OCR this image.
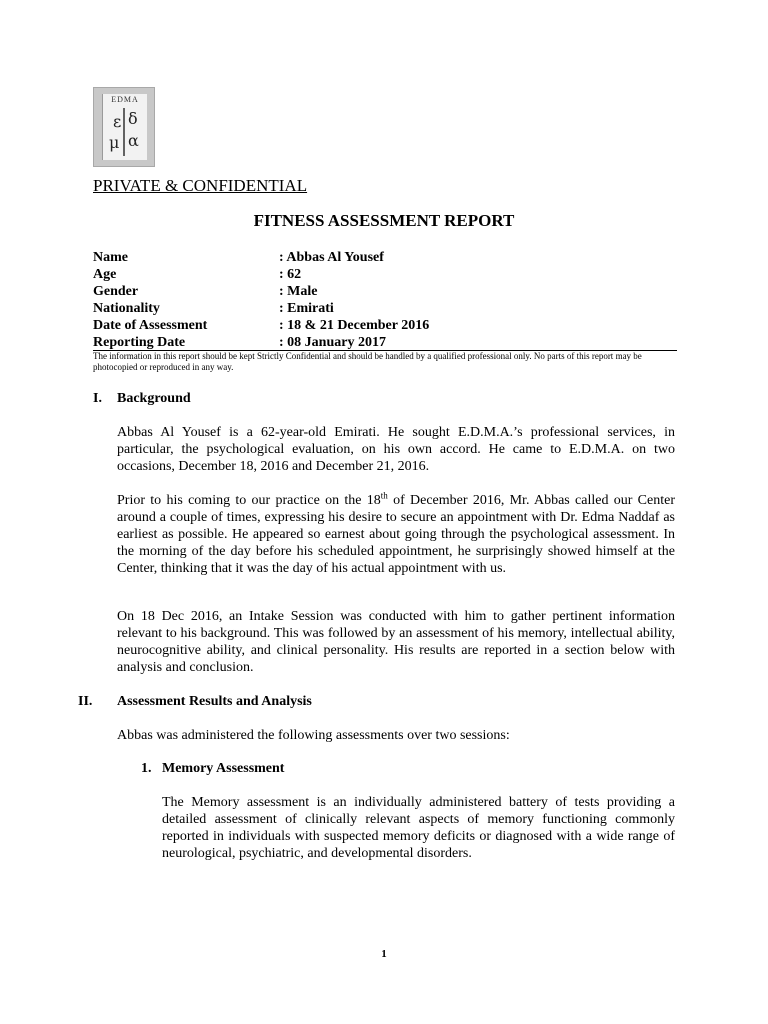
EDMA
ε δ
μ α
PRIVATE & CONFIDENTIAL
FITNESS ASSESSMENT REPORT
Name	: Abbas Al Yousef
Age	: 62
Gender	: Male
Nationality	: Emirati
Date of Assessment	: 18 & 21 December 2016
Reporting Date	: 08 January 2017
The information in this report should be kept Strictly Confidential and should be handled by a qualified professional only. No parts of this report may be photocopied or reproduced in any way.
I. Background
Abbas Al Yousef is a 62-year-old Emirati. He sought E.D.M.A.’s professional services, in particular, the psychological evaluation, on his own accord. He came to E.D.M.A. on two occasions, December 18, 2016 and December 21, 2016.
Prior to his coming to our practice on the 18th of December 2016, Mr. Abbas called our Center around a couple of times, expressing his desire to secure an appointment with Dr. Edma Naddaf as earliest as possible. He appeared so earnest about going through the psychological assessment. In the morning of the day before his scheduled appointment, he surprisingly showed himself at the Center, thinking that it was the day of his actual appointment with us.
On 18 Dec 2016, an Intake Session was conducted with him to gather pertinent information relevant to his background. This was followed by an assessment of his memory, intellectual ability, neurocognitive ability, and clinical personality. His results are reported in a section below with analysis and conclusion.
II. Assessment Results and Analysis
Abbas was administered the following assessments over two sessions:
1. Memory Assessment
The Memory assessment is an individually administered battery of tests providing a detailed assessment of clinically relevant aspects of memory functioning commonly reported in individuals with suspected memory deficits or diagnosed with a wide range of neurological, psychiatric, and developmental disorders.
1
